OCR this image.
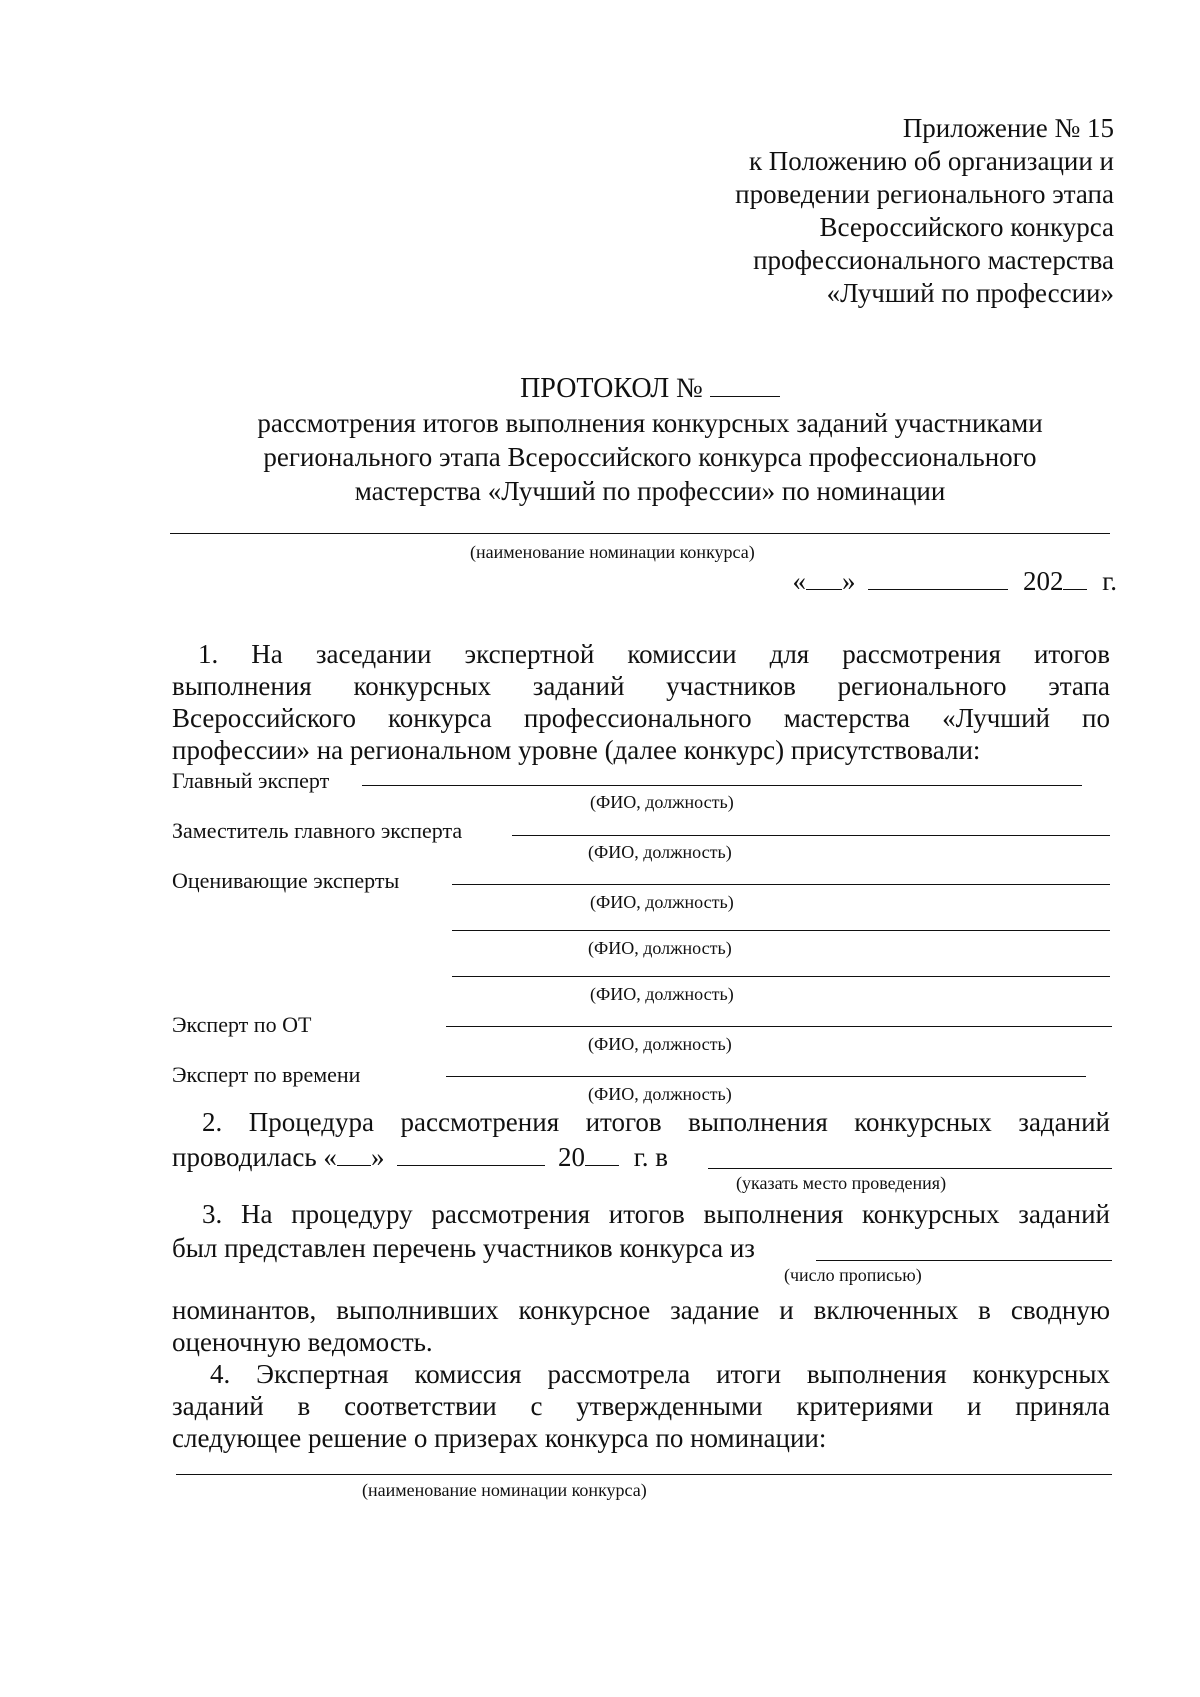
Приложение № 15
к Положению об организации и
проведении регионального этапа
Всероссийского конкурса
профессионального мастерства
«Лучший по профессии»
ПРОТОКОЛ №
рассмотрения итогов выполнения конкурсных заданий участниками
регионального этапа Всероссийского конкурса профессионального
мастерства «Лучший по профессии» по номинации
(наименование номинации конкурса)
« »	202 г.
1. На заседании экспертной комиссии для рассмотрения итогов
выполнения конкурсных заданий участников регионального этапа
Всероссийского конкурса профессионального мастерства «Лучший по
профессии» на региональном уровне (далее конкурс) присутствовали:
Главный эксперт
(ФИО, должность)
Заместитель главного эксперта
(ФИО, должность)
Оценивающие эксперты
(ФИО, должность)
(ФИО, должность)
(ФИО, должность)
Эксперт по ОТ
(ФИО, должность)
Эксперт по времени
(ФИО, должность)
2. Процедура рассмотрения итогов выполнения конкурсных заданий
проводилась « »	20 г. в
(указать место проведения)
3. На процедуру рассмотрения итогов выполнения конкурсных заданий
был представлен перечень участников конкурса из
(число прописью)
номинантов, выполнивших конкурсное задание и включенных в сводную
оценочную ведомость.
4. Экспертная комиссия рассмотрела итоги выполнения конкурсных
заданий в соответствии с утвержденными критериями и приняла
следующее решение о призерах конкурса по номинации:
(наименование номинации конкурса)
